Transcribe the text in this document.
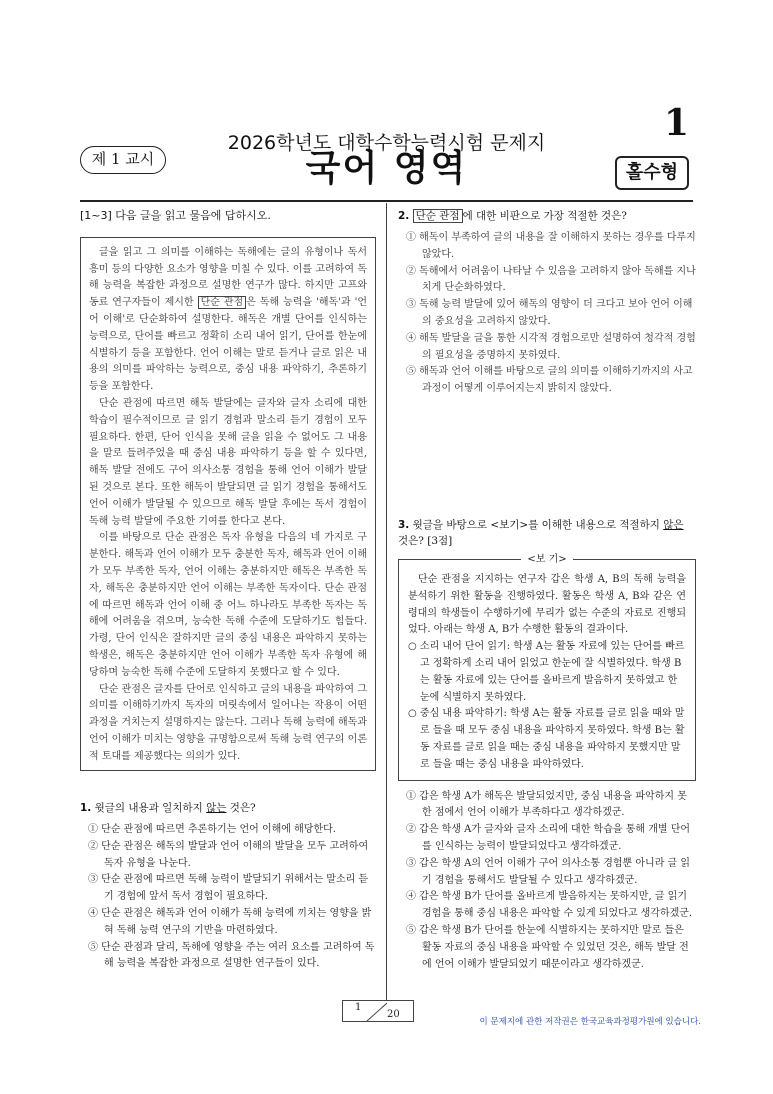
2026학년도 대학수학능력시험 문제지	1
제 1 교시	국어 영역	홀수형
[1~3] 다음 글을 읽고 물음에 답하시오.

글을 읽고 그 의미를 이해하는 독해에는 글의 유형이나 독서 흥미 등의 다양한 요소가 영향을 미칠 수 있다. 이를 고려하여 독해 능력을 복잡한 과정으로 설명한 연구가 많다. 하지만 고프와 동료 연구자들이 제시한 단순 관점 은 독해 능력을 '해독'과 '언어 이해'로 단순화하여 설명한다. 해독은 개별 단어를 인식하는 능력으로, 단어를 빠르고 정확히 소리 내어 읽기, 단어를 한눈에 식별하기 등을 포함한다. 언어 이해는 말로 듣거나 글로 읽은 내용의 의미를 파악하는 능력으로, 중심 내용 파악하기, 추론하기 등을 포함한다.

단순 관점에 따르면 해독 발달에는 글자와 글자 소리에 대한 학습이 필수적이므로 글 읽기 경험과 말소리 듣기 경험이 모두 필요하다. 한편, 단어 인식을 못해 글을 읽을 수 없어도 그 내용을 말로 들려주었을 때 중심 내용 파악하기 등을 할 수 있다면, 해독 발달 전에도 구어 의사소통 경험을 통해 언어 이해가 발달된 것으로 본다. 또한 해독이 발달되면 글 읽기 경험을 통해서도 언어 이해가 발달될 수 있으므로 해독 발달 후에는 독서 경험이 독해 능력 발달에 주요한 기여를 한다고 본다.

이를 바탕으로 단순 관점은 독자 유형을 다음의 네 가지로 구분한다. 해독과 언어 이해가 모두 충분한 독자, 해독과 언어 이해가 모두 부족한 독자, 언어 이해는 충분하지만 해독은 부족한 독자, 해독은 충분하지만 언어 이해는 부족한 독자이다. 단순 관점에 따르면 해독과 언어 이해 중 어느 하나라도 부족한 독자는 독해에 어려움을 겪으며, 능숙한 독해 수준에 도달하기도 힘들다. 가령, 단어 인식은 잘하지만 글의 중심 내용은 파악하지 못하는 학생은, 해독은 충분하지만 언어 이해가 부족한 독자 유형에 해당하며 능숙한 독해 수준에 도달하지 못했다고 할 수 있다.

단순 관점은 글자를 단어로 인식하고 글의 내용을 파악하여 그 의미를 이해하기까지 독자의 머릿속에서 일어나는 작용이 어떤 과정을 거치는지 설명하지는 않는다. 그러나 독해 능력에 해독과 언어 이해가 미치는 영향을 규명함으로써 독해 능력 연구의 이론적 토대를 제공했다는 의의가 있다.

1. 윗글의 내용과 일치하지 않는 것은?
① 단순 관점에 따르면 추론하기는 언어 이해에 해당한다.
② 단순 관점은 해독의 발달과 언어 이해의 발달을 모두 고려하여 독자 유형을 나눈다.
③ 단순 관점에 따르면 독해 능력이 발달되기 위해서는 말소리 듣기 경험에 앞서 독서 경험이 필요하다.
④ 단순 관점은 해독과 언어 이해가 독해 능력에 끼치는 영향을 밝혀 독해 능력 연구의 기반을 마련하였다.
⑤ 단순 관점과 달리, 독해에 영향을 주는 여러 요소를 고려하여 독해 능력을 복잡한 과정으로 설명한 연구들이 있다.
2. 단순 관점 에 대한 비판으로 가장 적절한 것은?
① 해독이 부족하여 글의 내용을 잘 이해하지 못하는 경우를 다루지 않았다.
② 독해에서 어려움이 나타날 수 있음을 고려하지 않아 독해를 지나치게 단순화하였다.
③ 독해 능력 발달에 있어 해독의 영향이 더 크다고 보아 언어 이해의 중요성을 고려하지 않았다.
④ 해독 발달을 글을 통한 시각적 경험으로만 설명하여 청각적 경험의 필요성을 증명하지 못하였다.
⑤ 해독과 언어 이해를 바탕으로 글의 의미를 이해하기까지의 사고 과정이 어떻게 이루어지는지 밝히지 않았다.
3. 윗글을 바탕으로 <보기>를 이해한 내용으로 적절하지 않은 것은? [3점]
<보 기>

단순 관점을 지지하는 연구자 갑은 학생 A, B의 독해 능력을 분석하기 위한 활동을 진행하였다. 활동은 학생 A, B와 같은 연령대의 학생들이 수행하기에 무리가 없는 수준의 자료로 진행되었다. 아래는 학생 A, B가 수행한 활동의 결과이다.

○ 소리 내어 단어 읽기: 학생 A는 활동 자료에 있는 단어를 빠르고 정확하게 소리 내어 읽었고 한눈에 잘 식별하였다. 학생 B는 활동 자료에 있는 단어를 올바르게 발음하지 못하였고 한눈에 식별하지 못하였다.
○ 중심 내용 파악하기: 학생 A는 활동 자료를 글로 읽을 때와 말로 들을 때 모두 중심 내용을 파악하지 못하였다. 학생 B는 활동 자료를 글로 읽을 때는 중심 내용을 파악하지 못했지만 말로 들을 때는 중심 내용을 파악하였다.
① 갑은 학생 A가 해독은 발달되었지만, 중심 내용을 파악하지 못한 점에서 언어 이해가 부족하다고 생각하겠군.
② 갑은 학생 A가 글자와 글자 소리에 대한 학습을 통해 개별 단어를 인식하는 능력이 발달되었다고 생각하겠군.
③ 갑은 학생 A의 언어 이해가 구어 의사소통 경험뿐 아니라 글 읽기 경험을 통해서도 발달될 수 있다고 생각하겠군.
④ 갑은 학생 B가 단어를 올바르게 발음하지는 못하지만, 글 읽기 경험을 통해 중심 내용은 파악할 수 있게 되었다고 생각하겠군.
⑤ 갑은 학생 B가 단어를 한눈에 식별하지는 못하지만 말로 들은 활동 자료의 중심 내용을 파악할 수 있었던 것은, 해독 발달 전에 언어 이해가 발달되었기 때문이라고 생각하겠군.
1
20
이 문제지에 관한 저작권은 한국교육과정평가원에 있습니다.
